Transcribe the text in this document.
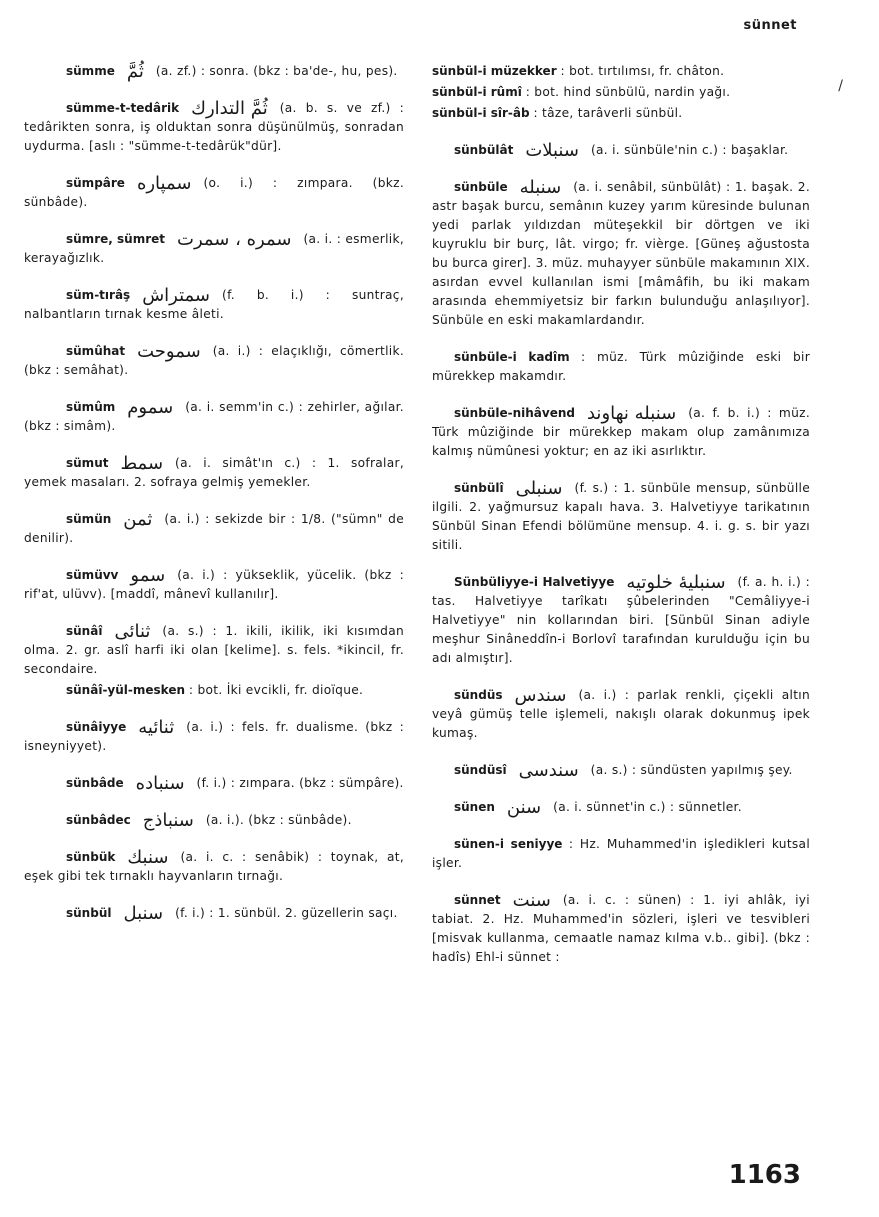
sünnet
/

sümme ثُمَّ (a. zf.) : sonra. (bkz : ba'de-, hu, pes).

sümme-t-tedârik ثُمَّ التدارك (a. b. s. ve zf.) : tedârikten sonra, iş olduktan sonra düşünülmüş, sonradan uydurma. [aslı : "sümme-t-tedârük"dür].

sümpâre سمپاره (o. i.) : zımpara. (bkz. sünbâde).

sümre, sümret سمره ، سمرت (a. i. : esmerlik, kerayağızlık.

süm-tırâş سمتراش (f. b. i.) : suntraç, nalbantların tırnak kesme âleti.

sümûhat سموحت (a. i.) : elaçıklığı, cömertlik. (bkz : semâhat).

sümûm سموم (a. i. semm'in c.) : zehirler, ağılar. (bkz : simâm).

sümut سمط (a. i. simât'ın c.) : 1. sofralar, yemek masaları. 2. sofraya gelmiş yemekler.

sümün ثمن (a. i.) : sekizde bir : 1/8. ("sümn" de denilir).

sümüvv سمو (a. i.) : yükseklik, yücelik. (bkz : rif'at, ulüvv). [maddî, mânevî kullanılır].

sünâî ثنائی (a. s.) : 1. ikili, ikilik, iki kısımdan olma. 2. gr. aslî harfi iki olan [kelime]. s. fels. *ikincil, fr. secondaire.

sünâî-yül-mesken : bot. İki evcikli, fr. dioïque.

sünâiyye ثنائیه (a. i.) : fels. fr. dualisme. (bkz : isneyniyyet).

sünbâde سنباده (f. i.) : zımpara. (bkz : sümpâre).

sünbâdec سنباذج (a. i.). (bkz : sünbâde).

sünbük سنبك (a. i. c. : senâbik) : toynak, at, eşek gibi tek tırnaklı hayvanların tırnağı.

sünbül سنبل (f. i.) : 1. sünbül. 2. güzellerin saçı.

sünbül-i müzekker : bot. tırtılımsı, fr. châton.

sünbül-i rûmî : bot. hind sünbülü, nardin yağı.

sünbül-i sîr-âb : tâze, tarâverli sünbül.

sünbülât سنبلات (a. i. sünbüle'nin c.) : başaklar.

sünbüle سنبله (a. i. senâbil, sünbülât) : 1. başak. 2. astr başak burcu, semânın kuzey yarım küresinde bulunan yedi parlak yıldızdan müteşekkil bir dörtgen ve iki kuyruklu bir burç, lât. virgo; fr. vièrge. [Güneş ağustosta bu burca girer]. 3. müz. muhayyer sünbüle makamının XIX. asırdan evvel kullanılan ismi [mâmâfih, bu iki makam arasında ehemmiyetsiz bir farkın bulunduğu anlaşılıyor]. Sünbüle en eski makamlardandır.

sünbüle-i kadîm : müz. Türk mûziğinde eski bir mürekkep makamdır.

sünbüle-nihâvend سنبله نهاوند (a. f. b. i.) : müz. Türk mûziğinde bir mürekkep makam olup zamânımıza kalmış nümûnesi yoktur; en az iki asırlıktır.

sünbülî سنبلی (f. s.) : 1. sünbüle mensup, sünbülle ilgili. 2. yağmursuz kapalı hava. 3. Halvetiyye tarikatının Sünbül Sinan Efendi bölümüne mensup. 4. i. g. s. bir yazı sitili.

Sünbüliyye-i Halvetiyye سنبلیهٔ خلوتیه (f. a. h. i.) : tas. Halvetiyye tarîkatı şûbelerinden "Cemâliyye-i Halvetiyye" nin kollarından biri. [Sünbül Sinan adiyle meşhur Sinâneddîn-i Borlovî tarafından kurulduğu için bu adı almıştır].

sündüs سندس (a. i.) : parlak renkli, çiçekli altın veyâ gümüş telle işlemeli, nakışlı olarak dokunmuş ipek kumaş.

sündüsî سندسی (a. s.) : sündüsten yapılmış şey.

sünen سنن (a. i. sünnet'in c.) : sünnetler.

sünen-i seniyye : Hz. Muhammed'in işledikleri kutsal işler.

sünnet سنت (a. i. c. : sünen) : 1. iyi ahlâk, iyi tabiat. 2. Hz. Muhammed'in sözleri, işleri ve tesvibleri [misvak kullanma, cemaatle namaz kılma v.b.. gibi]. (bkz : hadîs) Ehl-i sünnet :

1163
